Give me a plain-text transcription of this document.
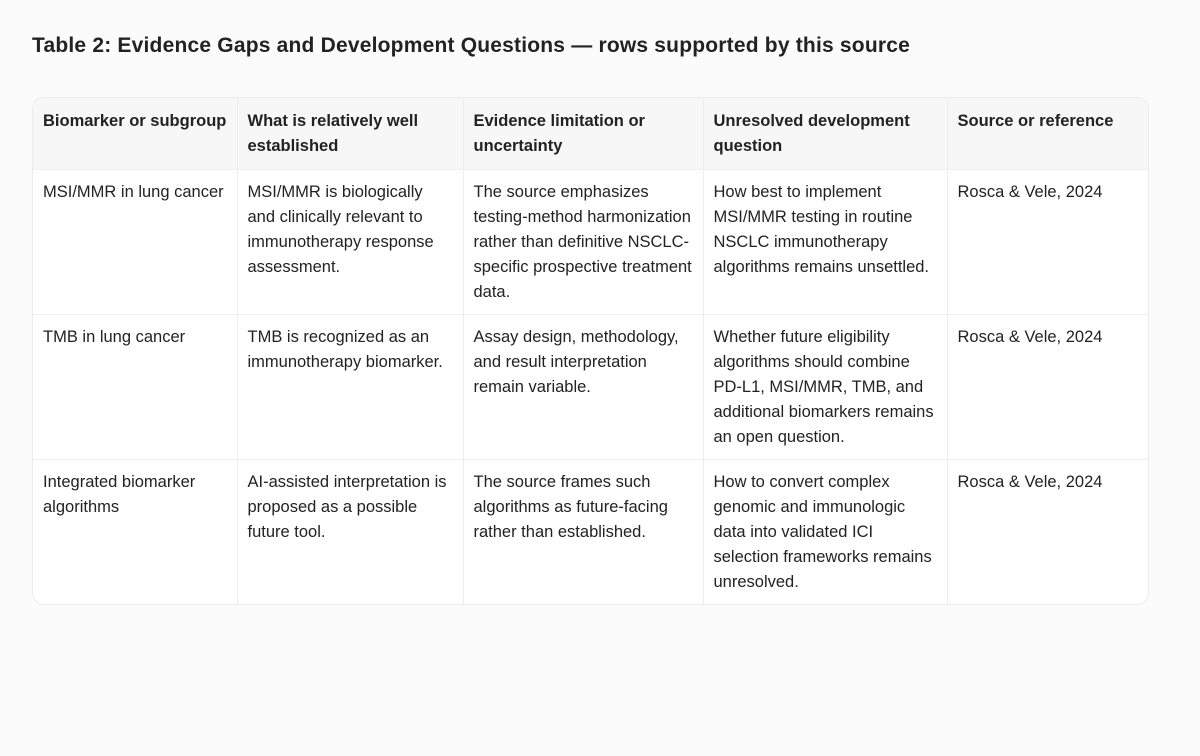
Table 2: Evidence Gaps and Development Questions — rows supported by this source
Biomarker or subgroup	What is relatively well established	Evidence limitation or uncertainty	Unresolved development question	Source or reference
MSI/MMR in lung cancer	MSI/MMR is biologically and clinically relevant to immunotherapy response assessment.	The source emphasizes testing-method harmonization rather than definitive NSCLC-specific prospective treatment data.	How best to implement MSI/MMR testing in routine NSCLC immunotherapy algorithms remains unsettled.	Rosca & Vele, 2024
TMB in lung cancer	TMB is recognized as an immunotherapy biomarker.	Assay design, methodology, and result interpretation remain variable.	Whether future eligibility algorithms should combine PD-L1, MSI/MMR, TMB, and additional biomarkers remains an open question.	Rosca & Vele, 2024
Integrated biomarker algorithms	AI-assisted interpretation is proposed as a possible future tool.	The source frames such algorithms as future-facing rather than established.	How to convert complex genomic and immunologic data into validated ICI selection frameworks remains unresolved.	Rosca & Vele, 2024
